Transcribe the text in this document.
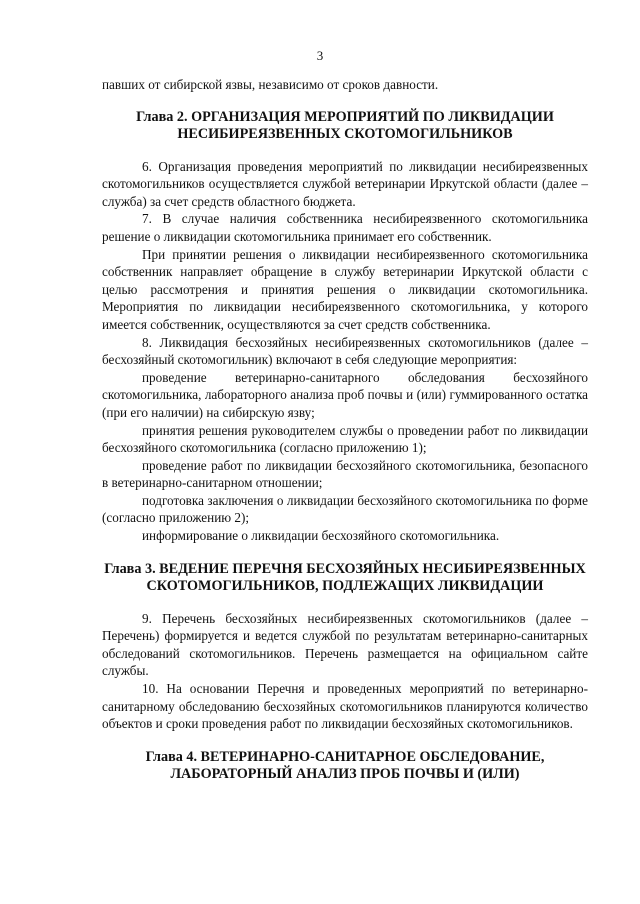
3

павших от сибирской язвы, независимо от сроков давности.

Глава 2. ОРГАНИЗАЦИЯ МЕРОПРИЯТИЙ ПО ЛИКВИДАЦИИ НЕСИБИРЕЯЗВЕННЫХ СКОТОМОГИЛЬНИКОВ

6. Организация проведения мероприятий по ликвидации несибиреязвенных скотомогильников осуществляется службой ветеринарии Иркутской области (далее – служба) за счет средств областного бюджета.

7. В случае наличия собственника несибиреязвенного скотомогильника решение о ликвидации скотомогильника принимает его собственник.

При принятии решения о ликвидации несибиреязвенного скотомогильника собственник направляет обращение в службу ветеринарии Иркутской области с целью рассмотрения и принятия решения о ликвидации скотомогильника. Мероприятия по ликвидации несибиреязвенного скотомогильника, у которого имеется собственник, осуществляются за счет средств собственника.

8. Ликвидация бесхозяйных несибиреязвенных скотомогильников (далее – бесхозяйный скотомогильник) включают в себя следующие мероприятия:

проведение ветеринарно-санитарного обследования бесхозяйного скотомогильника, лабораторного анализа проб почвы и (или) гуммированного остатка (при его наличии) на сибирскую язву;

принятия решения руководителем службы о проведении работ по ликвидации бесхозяйного скотомогильника (согласно приложению 1);

проведение работ по ликвидации бесхозяйного скотомогильника, безопасного в ветеринарно-санитарном отношении;

подготовка заключения о ликвидации бесхозяйного скотомогильника по форме (согласно приложению 2);

информирование о ликвидации бесхозяйного скотомогильника.

Глава 3. ВЕДЕНИЕ ПЕРЕЧНЯ БЕСХОЗЯЙНЫХ НЕСИБИРЕЯЗВЕННЫХ СКОТОМОГИЛЬНИКОВ, ПОДЛЕЖАЩИХ ЛИКВИДАЦИИ

9. Перечень бесхозяйных несибиреязвенных скотомогильников (далее – Перечень) формируется и ведется службой по результатам ветеринарно-санитарных обследований скотомогильников. Перечень размещается на официальном сайте службы.

10. На основании Перечня и проведенных мероприятий по ветеринарно-санитарному обследованию бесхозяйных скотомогильников планируются количество объектов и сроки проведения работ по ликвидации бесхозяйных скотомогильников.

Глава 4. ВЕТЕРИНАРНО-САНИТАРНОЕ ОБСЛЕДОВАНИЕ, ЛАБОРАТОРНЫЙ АНАЛИЗ ПРОБ ПОЧВЫ И (ИЛИ)
